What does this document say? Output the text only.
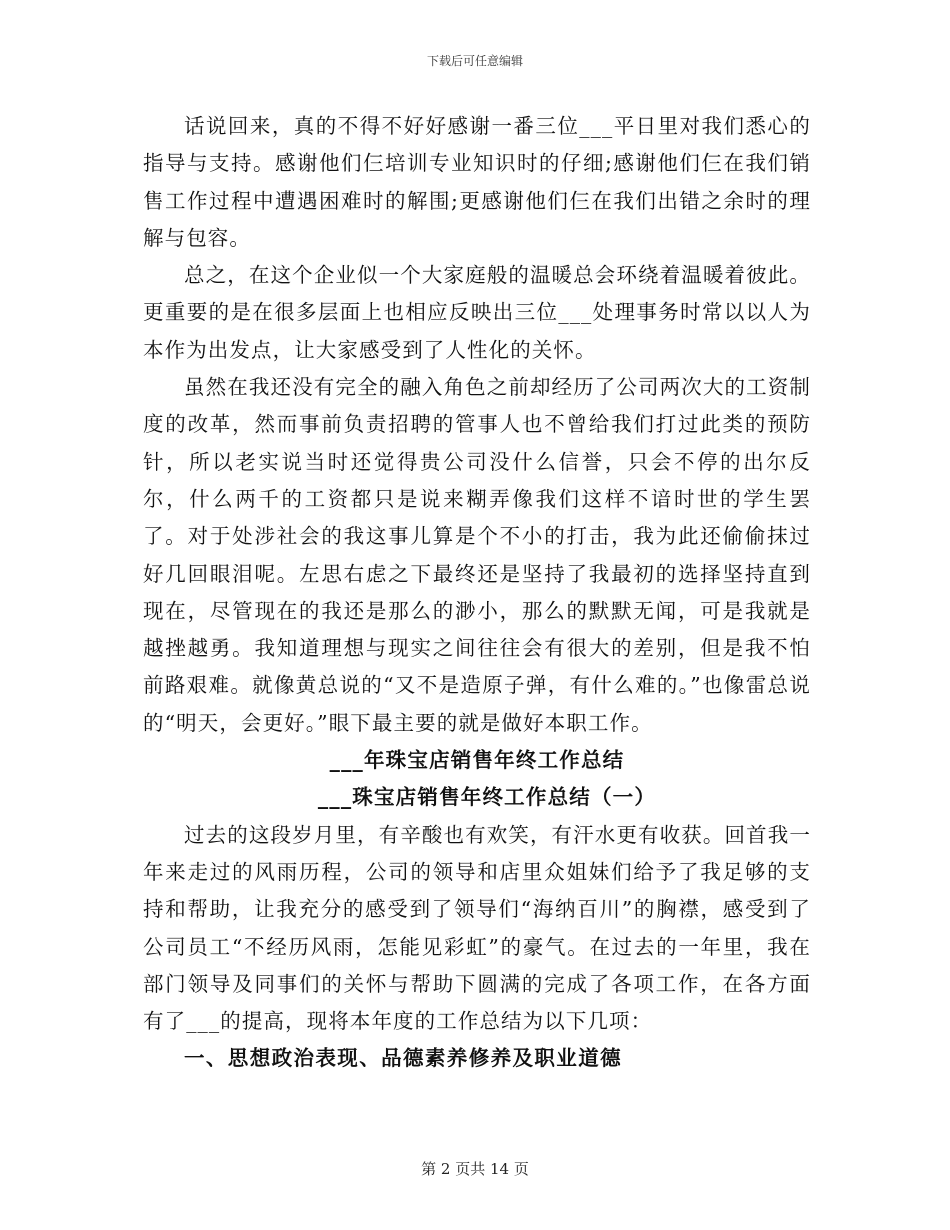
下载后可任意编辑

话说回来，真的不得不好好感谢一番三位___平日里对我们悉心的指导与支持。感谢他们仨培训专业知识时的仔细;感谢他们仨在我们销售工作过程中遭遇困难时的解围;更感谢他们仨在我们出错之余时的理解与包容。

总之，在这个企业似一个大家庭般的温暖总会环绕着温暖着彼此。更重要的是在很多层面上也相应反映出三位___处理事务时常以以人为本作为出发点，让大家感受到了人性化的关怀。

虽然在我还没有完全的融入角色之前却经历了公司两次大的工资制度的改革，然而事前负责招聘的管事人也不曾给我们打过此类的预防针，所以老实说当时还觉得贵公司没什么信誉，只会不停的出尔反尔，什么两千的工资都只是说来糊弄像我们这样不谙时世的学生罢了。对于处涉社会的我这事儿算是个不小的打击，我为此还偷偷抹过好几回眼泪呢。左思右虑之下最终还是坚持了我最初的选择坚持直到现在，尽管现在的我还是那么的渺小，那么的默默无闻，可是我就是越挫越勇。我知道理想与现实之间往往会有很大的差别，但是我不怕前路艰难。就像黄总说的“又不是造原子弹，有什么难的。”也像雷总说的“明天，会更好。”眼下最主要的就是做好本职工作。

___年珠宝店销售年终工作总结

___珠宝店销售年终工作总结（一）

过去的这段岁月里，有辛酸也有欢笑，有汗水更有收获。回首我一年来走过的风雨历程，公司的领导和店里众姐妹们给予了我足够的支持和帮助，让我充分的感受到了领导们“海纳百川”的胸襟，感受到了公司员工“不经历风雨，怎能见彩虹”的豪气。在过去的一年里，我在部门领导及同事们的关怀与帮助下圆满的完成了各项工作，在各方面有了___的提高，现将本年度的工作总结为以下几项：

一、思想政治表现、品德素养修养及职业道德

第 2 页共 14 页
